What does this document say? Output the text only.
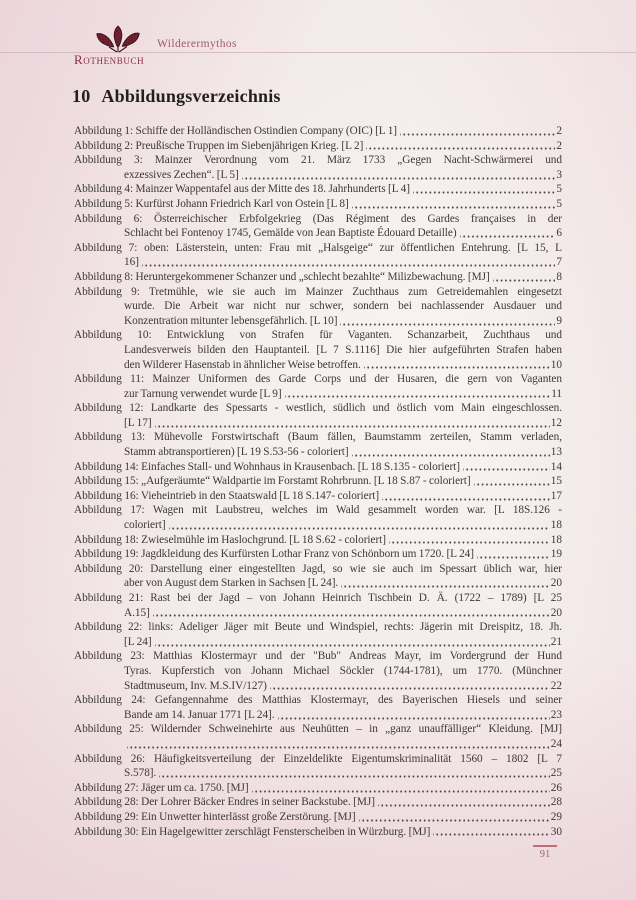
Rothenbuch
Wilderermythos
10 Abbildungsverzeichnis
Abbildung 1: Schiffe der Holländischen Ostindien Company (OIC) [L 1]	2
Abbildung 2: Preußische Truppen im Siebenjährigen Krieg. [L 2]	2
Abbildung 3: Mainzer Verordnung vom 21. März 1733 „Gegen Nacht-Schwärmerei und
exzessives Zechen“. [L 5]	3
Abbildung 4: Mainzer Wappentafel aus der Mitte des 18. Jahrhunderts [L 4]	5
Abbildung 5: Kurfürst Johann Friedrich Karl von Ostein [L 8]	5
Abbildung 6: Österreichischer Erbfolgekrieg (Das Régiment des Gardes françaises in der
Schlacht bei Fontenoy 1745, Gemälde von Jean Baptiste Édouard Detaille)	6
Abbildung 7: oben: Lästerstein, unten: Frau mit „Halsgeige“ zur öffentlichen Entehrung. [L 15, L
16]	7
Abbildung 8: Heruntergekommener Schanzer und „schlecht bezahlte“ Milizbewachung. [MJ]	8
Abbildung 9: Tretmühle, wie sie auch im Mainzer Zuchthaus zum Getreidemahlen eingesetzt
wurde. Die Arbeit war nicht nur schwer, sondern bei nachlassender Ausdauer und
Konzentration mitunter lebensgefährlich. [L 10]	9
Abbildung 10: Entwicklung von Strafen für Vaganten. Schanzarbeit, Zuchthaus und
Landesverweis bilden den Hauptanteil. [L 7 S.1116] Die hier aufgeführten Strafen haben
den Wilderer Hasenstab in ähnlicher Weise betroffen.	10
Abbildung 11: Mainzer Uniformen des Garde Corps und der Husaren, die gern von Vaganten
zur Tarnung verwendet wurde [L 9]	11
Abbildung 12: Landkarte des Spessarts - westlich, südlich und östlich vom Main eingeschlossen.
[L 17]	12
Abbildung 13: Mühevolle Forstwirtschaft (Baum fällen, Baumstamm zerteilen, Stamm verladen,
Stamm abtransportieren) [L 19 S.53-56 - coloriert]	13
Abbildung 14: Einfaches Stall- und Wohnhaus in Krausenbach. [L 18 S.135 - coloriert]	14
Abbildung 15: „Aufgeräumte“ Waldpartie im Forstamt Rohrbrunn. [L 18 S.87 - coloriert]	15
Abbildung 16: Vieheintrieb in den Staatswald [L 18 S.147- coloriert]	17
Abbildung 17: Wagen mit Laubstreu, welches im Wald gesammelt worden war. [L 18S.126 -
coloriert]	18
Abbildung 18: Zwieselmühle im Haslochgrund. [L 18 S.62 - coloriert]	18
Abbildung 19: Jagdkleidung des Kurfürsten Lothar Franz von Schönborn um 1720. [L 24]	19
Abbildung 20: Darstellung einer eingestellten Jagd, so wie sie auch im Spessart üblich war, hier
aber von August dem Starken in Sachsen [L 24].	20
Abbildung 21: Rast bei der Jagd – von Johann Heinrich Tischbein D. Ä. (1722 – 1789) [L 25
A.15]	20
Abbildung 22: links: Adeliger Jäger mit Beute und Windspiel, rechts: Jägerin mit Dreispitz, 18. Jh.
[L 24]	21
Abbildung 23: Matthias Klostermayr und der "Bub" Andreas Mayr, im Vordergrund der Hund
Tyras. Kupferstich von Johann Michael Söckler (1744-1781), um 1770. (Münchner
Stadtmuseum, Inv. M.S.IV/127)	22
Abbildung 24: Gefangennahme des Matthias Klostermayr, des Bayerischen Hiesels und seiner
Bande am 14. Januar 1771 [L 24].	23
Abbildung 25: Wildernder Schweinehirte aus Neuhütten – in „ganz unauffälliger“ Kleidung. [MJ]
24
Abbildung 26: Häufigkeitsverteilung der Einzeldelikte Eigentumskriminalität 1560 – 1802 [L 7
S.578].	25
Abbildung 27: Jäger um ca. 1750. [MJ]	26
Abbildung 28: Der Lohrer Bäcker Endres in seiner Backstube. [MJ]	28
Abbildung 29: Ein Unwetter hinterlässt große Zerstörung. [MJ]	29
Abbildung 30: Ein Hagelgewitter zerschlägt Fensterscheiben in Würzburg. [MJ]	30
91
